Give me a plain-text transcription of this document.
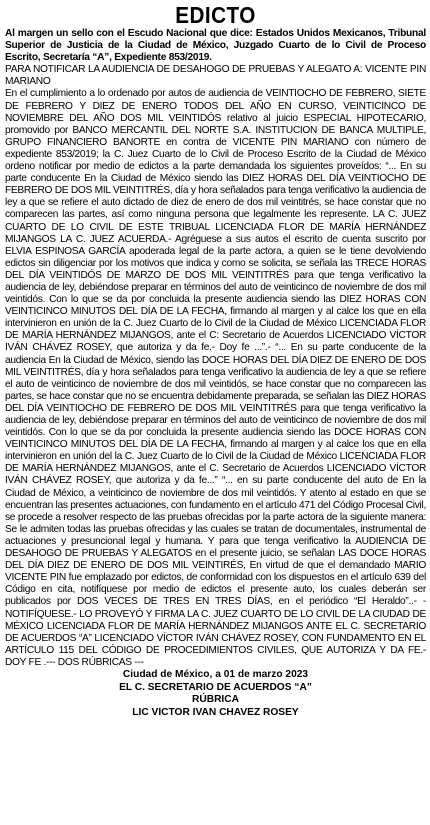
EDICTO

Al margen un sello con el Escudo Nacional que dice: Estados Unidos Mexicanos, Tribunal Superior de Justicia de la Ciudad de México, Juzgado Cuarto de lo Civil de Proceso Escrito, Secretaría “A”, Expediente 853/2019.

PARA NOTIFICAR LA AUDIENCIA DE DESAHOGO DE PRUEBAS Y ALEGATO A: VICENTE PIN MARIANO

En el cumplimiento a lo ordenado por autos de audiencia de VEINTIOCHO DE FEBRERO, SIETE DE FEBRERO Y DIEZ DE ENERO TODOS DEL AÑO EN CURSO, VEINTICINCO DE NOVIEMBRE DEL AÑO DOS MIL VEINTIDÓS relativo al juicio ESPECIAL HIPOTECARIO, promovido por BANCO MERCANTIL DEL NORTE S.A. INSTITUCION DE BANCA MULTIPLE, GRUPO FINANCIERO BANORTE en contra de VICENTE PIN MARIANO con número de expediente 853/2019; la C. Juez Cuarto de lo Civil de Proceso Escrito de la Ciudad de México ordeno notificar por medio de edictos a la parte demandada los siguientes proveídos: “... En su parte conducente En la Ciudad de México siendo las DIEZ HORAS DEL DÍA VEINTIOCHO DE FEBRERO DE DOS MIL VEINTITRÉS, día y hora señalados para tenga verificativo la audiencia de ley a que se refiere el auto dictado de diez de enero de dos mil veintitrés, se hace constar que no comparecen las partes, así como ninguna persona que legalmente les represente. LA C. JUEZ CUARTO DE LO CIVIL DE ESTE TRIBUAL LICENCIADA FLOR DE MARÍA HERNÁNDEZ MIJANGOS LA C. JUEZ ACUERDA.- Agréguese a sus autos el escrito de cuenta suscrito por ELVIA ESPINOSA GARCÍA apoderada legal de la parte actora, a quien se le tiene devolviendo edictos sin diligenciar por los motivos que indica y como se solicita, se señala las TRECE HORAS DEL DÍA VEINTIDÓS DE MARZO DE DOS MIL VEINTITRÉS para que tenga verificativo la audiencia de ley, debiéndose preparar en términos del auto de veinticinco de noviembre de dos mil veintidós. Con lo que se da por concluida la presente audiencia siendo las DIEZ HORAS CON VEINTICINCO MINUTOS DEL DÍA DE LA FECHA, firmando al margen y al calce los que en ella intervinieron en unión de la C. Juez Cuarto de lo Civil de la Ciudad de México LICENCIADA FLOR DE MARÍA HERNÁNDEZ MIJANGOS, ante el C: Secretario de Acuerdos LICENCIADO VÍCTOR IVÁN CHÁVEZ ROSEY, que autoriza y da fe.- Doy fe ...”.- “... En su parte conducente de la audiencia En la Ciudad de México, siendo las DOCE HORAS DEL DÍA DIEZ DE ENERO DE DOS MIL VEINTITRÉS, día y hora señalados para tenga verificativo la audiencia de ley a que se refiere el auto de veinticinco de noviembre de dos mil veintidós, se hace constar que no comparecen las partes, se hace constar que no se encuentra debidamente preparada, se señalan las DIEZ HORAS DEL DÍA VEINTIOCHO DE FEBRERO DE DOS MIL VEINTITRÉS para que tenga verificativo la audiencia de ley, debiéndose preparar en términos del auto de veinticinco de noviembre de dos mil veintidós. Con lo que se da por concluida la presente audiencia siendo las DOCE HORAS CON VEINTICINCO MINUTOS DEL DÍA DE LA FECHA, firmando al margen y al calce los que en ella intervinieron en unión del la C. Juez Cuarto de lo Civil de la Ciudad de México LICENCIADA FLOR DE MARÍA HERNÁNDEZ MIJANGOS, ante el C. Secretario de Acuerdos LICENCIADO VÍCTOR IVÁN CHÁVEZ ROSEY, que autoriza y da fe...” “... en su parte conducente del auto de En la Ciudad de México, a veinticinco de noviembre de dos mil veintidós. Y atento al estado en que se encuentran las presentes actuaciones, con fundamento en el artículo 471 del Código Procesal Civil, se procede a resolver respecto de las pruebas ofrecidas por la parte actora de la siguiente manera: Se le admiten todas las pruebas ofrecidas y las cuales se tratan de documentales, instrumental de actuaciones y presuncional legal y humana. Y para que tenga verificativo la AUDIENCIA DE DESAHOGO DE PRUEBAS Y ALEGATOS en el presente juicio, se señalan LAS DOCE HORAS DEL DÍA DIEZ DE ENERO DE DOS MIL VEINTIRÉS, En virtud de que el demandado MARIO VICENTE PIN fue emplazado por edictos, de conformidad con los dispuestos en el artículo 639 del Código en cita, notifíquese por medio de edictos el presente auto, los cuales deberán ser publicados por DOS VECES DE TRES EN TRES DÍAS, en el periódico “El Heraldo”..- - NOTIFÍQUESE.- LO PROVEYÓ Y FIRMA LA C. JUEZ CUARTO DE LO CIVIL DE LA CIUDAD DE MÉXICO LICENCIADA FLOR DE MARÍA HERNÁNDEZ MIJANGOS ANTE EL C. SECRETARIO DE ACUERDOS “A” LICENCIADO VÍCTOR IVÁN CHÁVEZ ROSEY, CON FUNDAMENTO EN EL ARTÍCULO 115 DEL CÓDIGO DE PROCEDIMIENTOS CIVILES, QUE AUTORIZA Y DA FE.- DOY FE .--- DOS RÚBRICAS ---

Ciudad de México, a 01 de marzo 2023

EL C. SECRETARIO DE ACUERDOS “A”

RÚBRICA

LIC VICTOR IVAN CHAVEZ ROSEY
